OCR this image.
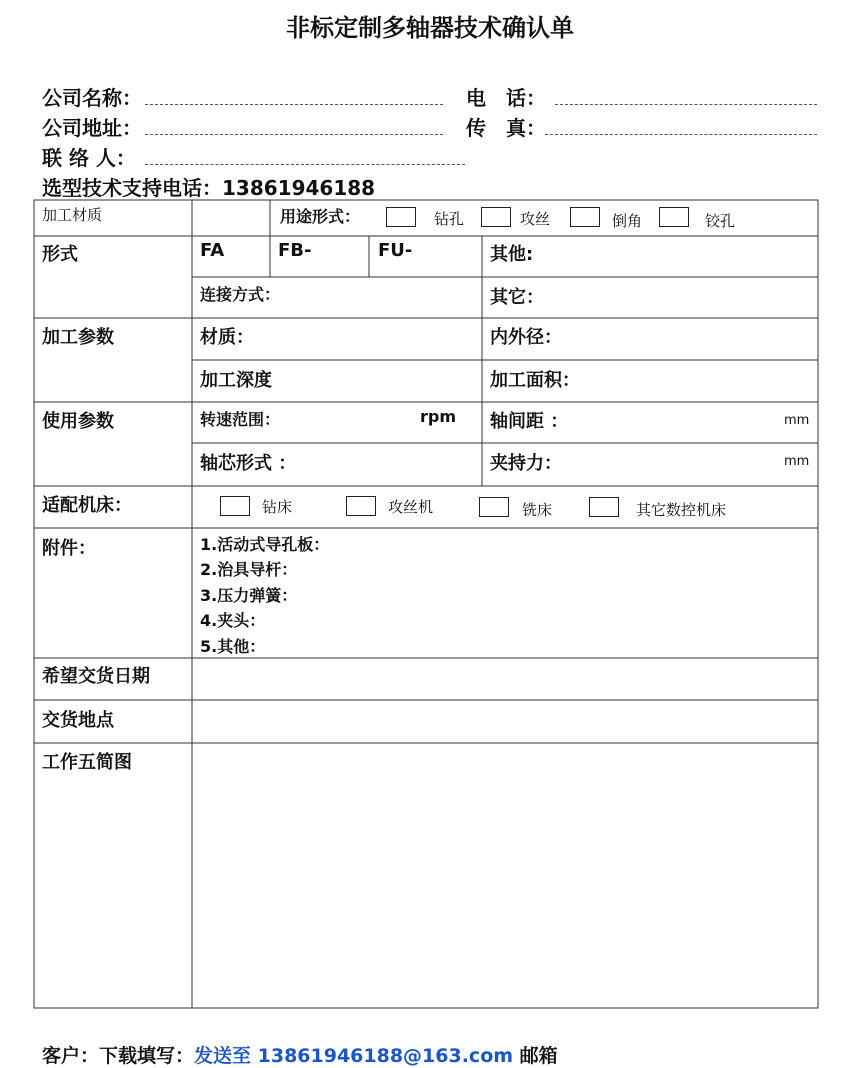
非标定制多轴器技术确认单
公司名称：	电　话：
公司地址：	传　真：
联 络 人：
选型技术支持电话：13861946188
加工材质	用途形式：	钻孔	攻丝	倒角	铰孔
形式	FA	FB-	FU-	其他:
连接方式：	其它：
加工参数	材质：	内外径：
加工深度	加工面积：
使用参数	转速范围：	rpm 轴间距 ：	mm
轴芯形式 ：	夹持力：	mm
适配机床：	钻床	攻丝机	铣床	其它数控机床
附件：	1.活动式导孔板：
2.治具导杆：
3.压力弹簧：
4.夹头：
5.其他：
希望交货日期
交货地点
工作五简图
客户：下载填写：发送至 13861946188@163.com 邮箱
